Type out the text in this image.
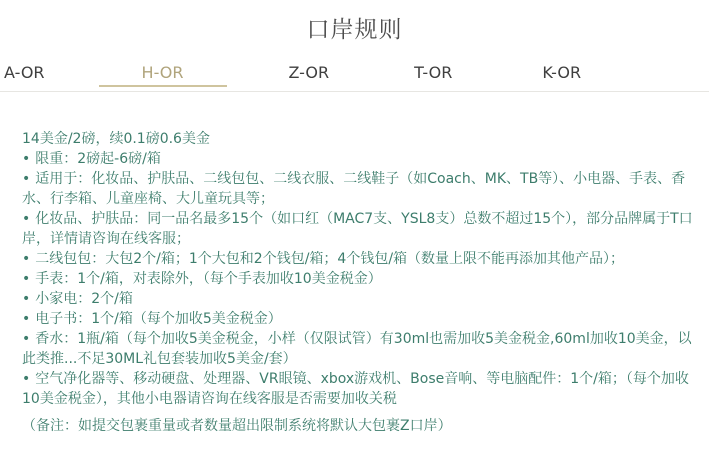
口岸规则
A-OR	H-OR	Z-OR	T-OR	K-OR

14美金/2磅，续0.1磅0.6美金

• 限重：2磅起-6磅/箱
• 适用于：化妆品、护肤品、二线包包、二线衣服、二线鞋子（如Coach、MK、TB等）、小电器、手表、香水、行李箱、儿童座椅、大儿童玩具等；
• 化妆品、护肤品：同一品名最多15个（如口红（MAC7支、YSL8支）总数不超过15个），部分品牌属于T口岸，详情请咨询在线客服；
• 二线包包：大包2个/箱；1个大包和2个钱包/箱；4个钱包/箱（数量上限不能再添加其他产品）；
• 手表：1个/箱，对表除外，（每个手表加收10美金税金）
• 小家电：2个/箱
• 电子书：1个/箱（每个加收5美金税金）
• 香水：1瓶/箱（每个加收5美金税金，小样（仅限试管）有30ml也需加收5美金税金,60ml加收10美金，以此类推...不足30ML礼包套装加收5美金/套）
• 空气净化器等、移动硬盘、处理器、VR眼镜、xbox游戏机、Bose音响、等电脑配件：1个/箱；（每个加收10美金税金），其他小电器请咨询在线客服是否需要加收关税

（备注：如提交包裹重量或者数量超出限制系统将默认大包裹Z口岸）
